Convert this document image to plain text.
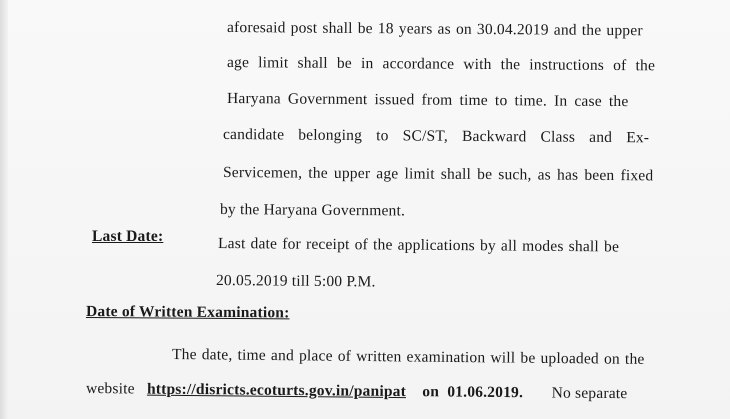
aforesaid post shall be 18 years as on 30.04.2019 and the upper
age limit shall be in accordance with the instructions of the
Haryana Government issued from time to time. In case the
candidate belonging to SC/ST, Backward Class and Ex-
Servicemen, the upper age limit shall be such, as has been fixed
by the Haryana Government.
Last Date:	Last date for receipt of the applications by all modes shall be
20.05.2019 till 5:00 P.M.
Date of Written Examination:
The date, time and place of written examination will be uploaded on the
website https://disricts.ecoturts.gov.in/panipat on 01.06.2019. No separate
